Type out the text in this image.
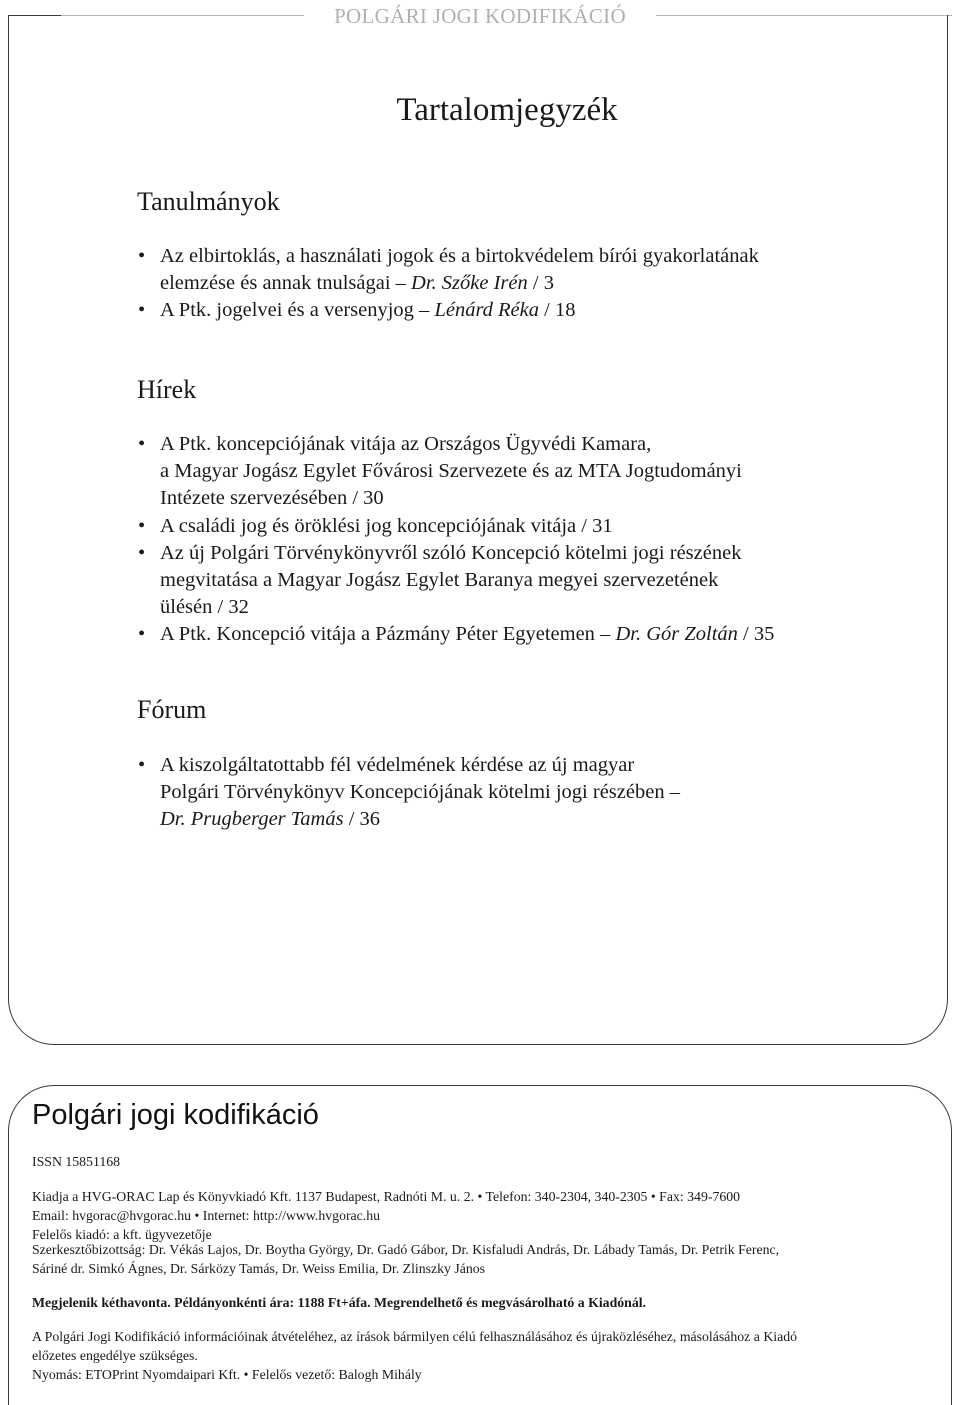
POLGÁRI JOGI KODIFIKÁCIÓ
Tartalomjegyzék
Tanulmányok
• Az elbirtoklás, a használati jogok és a birtokvédelem bírói gyakorlatának
elemzése és annak tnulságai – Dr. Szőke Irén / 3
• A Ptk. jogelvei és a versenyjog – Lénárd Réka / 18
Hírek
• A Ptk. koncepciójának vitája az Országos Ügyvédi Kamara,
a Magyar Jogász Egylet Fővárosi Szervezete és az MTA Jogtudományi
Intézete szervezésében / 30
• A családi jog és öröklési jog koncepciójának vitája / 31
• Az új Polgári Törvénykönyvről szóló Koncepció kötelmi jogi részének
megvitatása a Magyar Jogász Egylet Baranya megyei szervezetének
ülésén / 32
• A Ptk. Koncepció vitája a Pázmány Péter Egyetemen – Dr. Gór Zoltán / 35
Fórum
• A kiszolgáltatottabb fél védelmének kérdése az új magyar
Polgári Törvénykönyv Koncepciójának kötelmi jogi részében –
Dr. Prugberger Tamás / 36
Polgári jogi kodifikáció
ISSN 15851168
Kiadja a HVG-ORAC Lap és Könyvkiadó Kft. 1137 Budapest, Radnóti M. u. 2. • Telefon: 340-2304, 340-2305 • Fax: 349-7600
Email: hvgorac@hvgorac.hu • Internet: http://www.hvgorac.hu
Felelős kiadó: a kft. ügyvezetője
Szerkesztőbizottság: Dr. Vékás Lajos, Dr. Boytha György, Dr. Gadó Gábor, Dr. Kisfaludi András, Dr. Lábady Tamás, Dr. Petrik Ferenc,
Sáriné dr. Simkó Ágnes, Dr. Sárközy Tamás, Dr. Weiss Emilia, Dr. Zlinszky János
Megjelenik kéthavonta. Példányonkénti ára: 1188 Ft+áfa. Megrendelhető és megvásárolható a Kiadónál.
A Polgári Jogi Kodifikáció információinak átvételéhez, az írások bármilyen célú felhasználásához és újraközléséhez, másolásához a Kiadó
előzetes engedélye szükséges.
Nyomás: ETOPrint Nyomdaipari Kft. • Felelős vezető: Balogh Mihály
